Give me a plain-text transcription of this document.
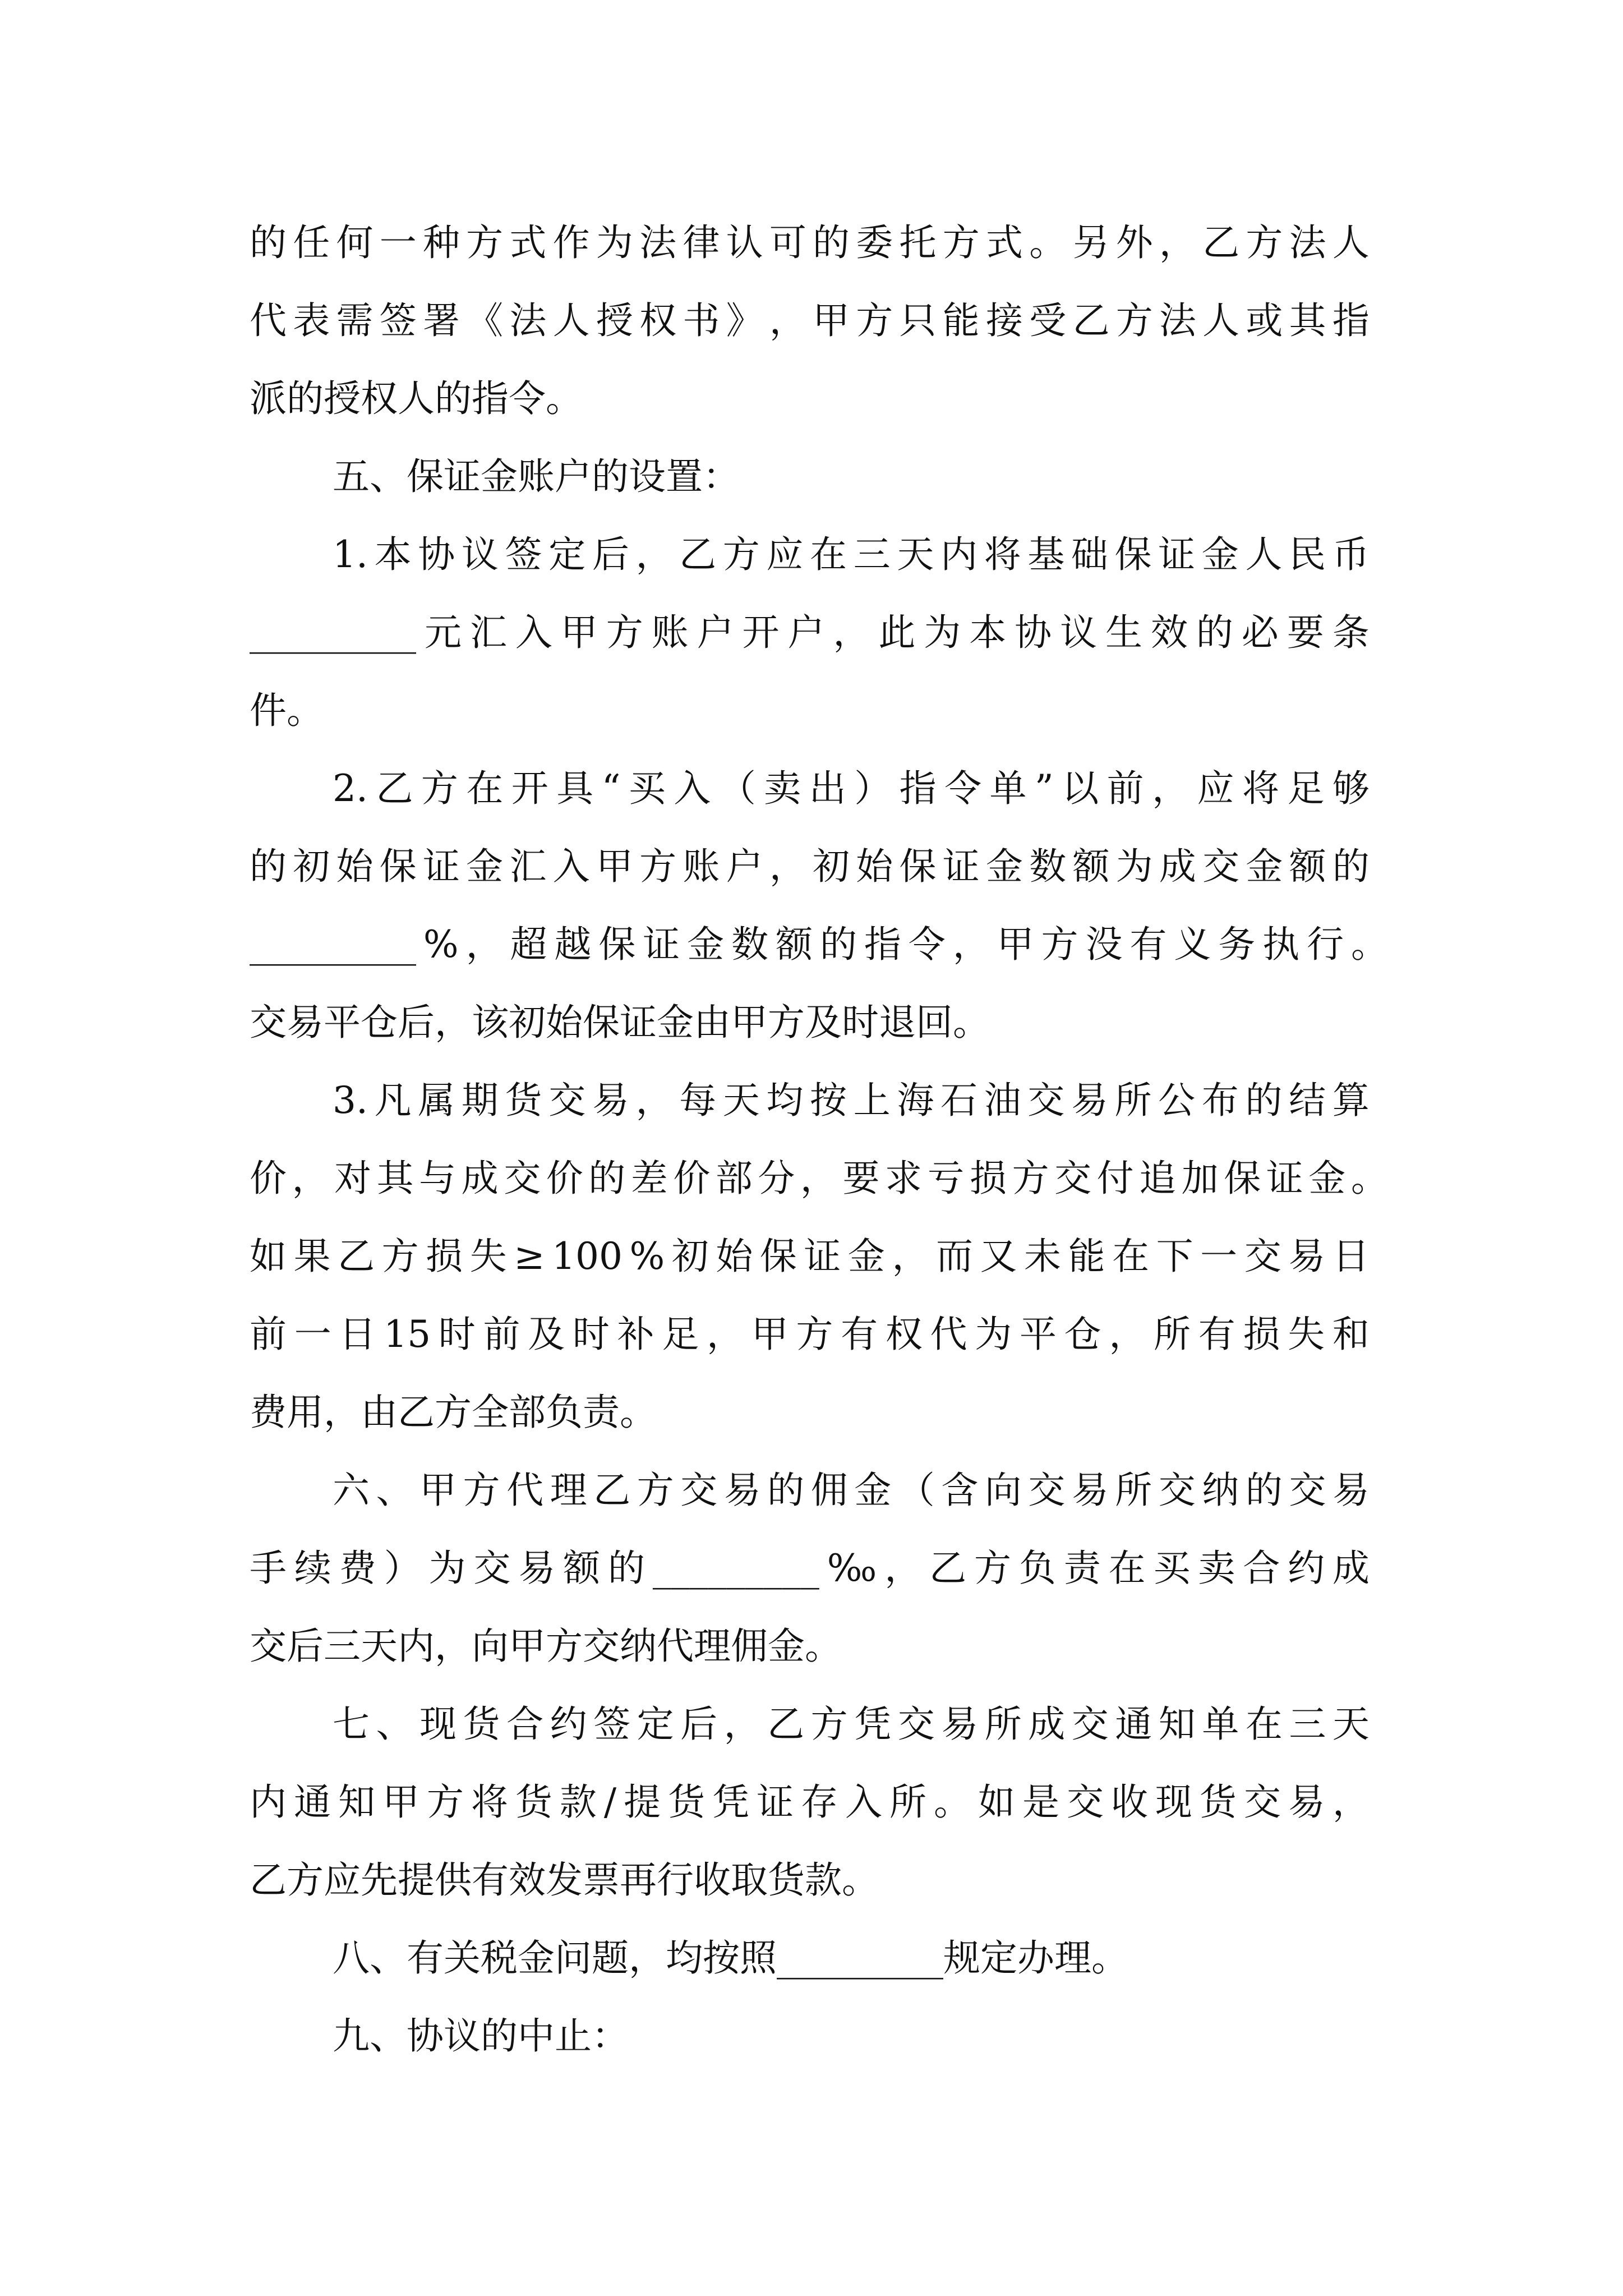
的 任 何 一 种 方 式 作 为 法 律 认 可 的 委 托 方 式 。 另 外 ， 乙 方 法 人
代 表 需 签 署 《 法 人 授 权 书 》 ， 甲 方 只 能 接 受 乙 方 法 人 或 其 指
派的授权人的指令。
五、保证金账户的设置：
1. 本 协 议 签 定 后 ， 乙 方 应 在 三 天 内 将 基 础 保 证 金 人 民 币
_________ 元 汇 入 甲 方 账 户 开 户 ， 此 为 本 协 议 生 效 的 必 要 条
件。
2. 乙 方 在 开 具 “ 买 入 （ 卖 出 ） 指 令 单 ” 以 前 ， 应 将 足 够
的 初 始 保 证 金 汇 入 甲 方 账 户 ， 初 始 保 证 金 数 额 为 成 交 金 额 的
_________ % ， 超 越 保 证 金 数 额 的 指 令 ， 甲 方 没 有 义 务 执 行 。
交易平仓后，该初始保证金由甲方及时退回。
3. 凡 属 期 货 交 易 ， 每 天 均 按 上 海 石 油 交 易 所 公 布 的 结 算
价 ， 对 其 与 成 交 价 的 差 价 部 分 ， 要 求 亏 损 方 交 付 追 加 保 证 金 。
如 果 乙 方 损 失 ≥ 100 % 初 始 保 证 金 ， 而 又 未 能 在 下 一 交 易 日
前 一 日 15 时 前 及 时 补 足 ， 甲 方 有 权 代 为 平 仓 ， 所 有 损 失 和
费用，由乙方全部负责。
六 、 甲 方 代 理 乙 方 交 易 的 佣 金 （ 含 向 交 易 所 交 纳 的 交 易
手 续 费 ） 为 交 易 额 的 _________ ‰ ， 乙 方 负 责 在 买 卖 合 约 成
交后三天内，向甲方交纳代理佣金。
七 、 现 货 合 约 签 定 后 ， 乙 方 凭 交 易 所 成 交 通 知 单 在 三 天
内 通 知 甲 方 将 货 款 / 提 货 凭 证 存 入 所 。 如 是 交 收 现 货 交 易 ，
乙方应先提供有效发票再行收取货款。
八、有关税金问题，均按照_________规定办理。
九、协议的中止：
